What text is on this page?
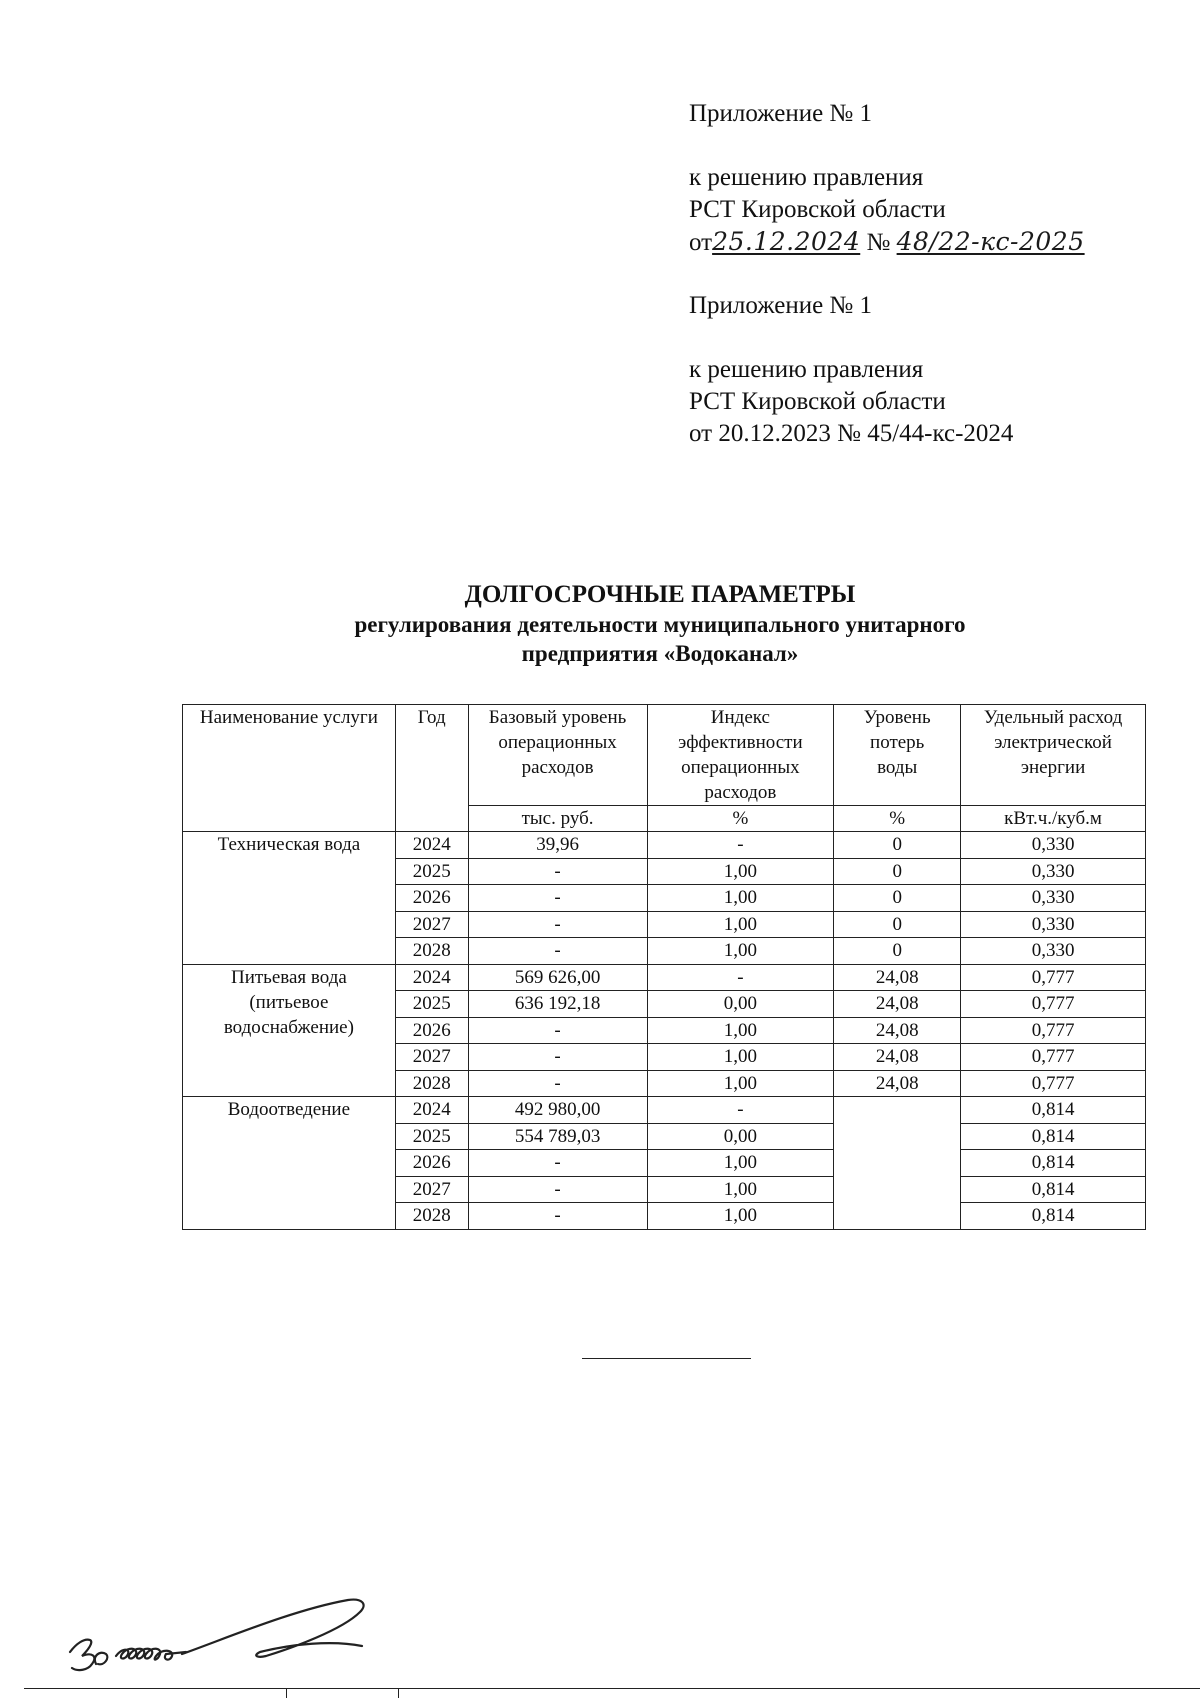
Приложение № 1
к решению правления
РСТ Кировской области
от25.12.2024 № 48/22-кс-2025
Приложение № 1
к решению правления
РСТ Кировской области
от 20.12.2023 № 45/44-кс-2024
ДОЛГОСРОЧНЫЕ ПАРАМЕТРЫ
регулирования деятельности муниципального унитарного
предприятия «Водоканал»
Наименование услуги	Год	Базовый уровень операционных расходов	Индекс эффективности операционных расходов	Уровень потерь воды	Удельный расход электрической энергии
		тыс. руб.	%	%	кВт.ч./куб.м
Техническая вода	2024	39,96	-	0	0,330
	2025	-	1,00	0	0,330
	2026	-	1,00	0	0,330
	2027	-	1,00	0	0,330
	2028	-	1,00	0	0,330
Питьевая вода (питьевое водоснабжение)	2024	569 626,00	-	24,08	0,777
	2025	636 192,18	0,00	24,08	0,777
	2026	-	1,00	24,08	0,777
	2027	-	1,00	24,08	0,777
	2028	-	1,00	24,08	0,777
Водоотведение	2024	492 980,00	-		0,814
	2025	554 789,03	0,00		0,814
	2026	-	1,00		0,814
	2027	-	1,00		0,814
	2028	-	1,00		0,814
